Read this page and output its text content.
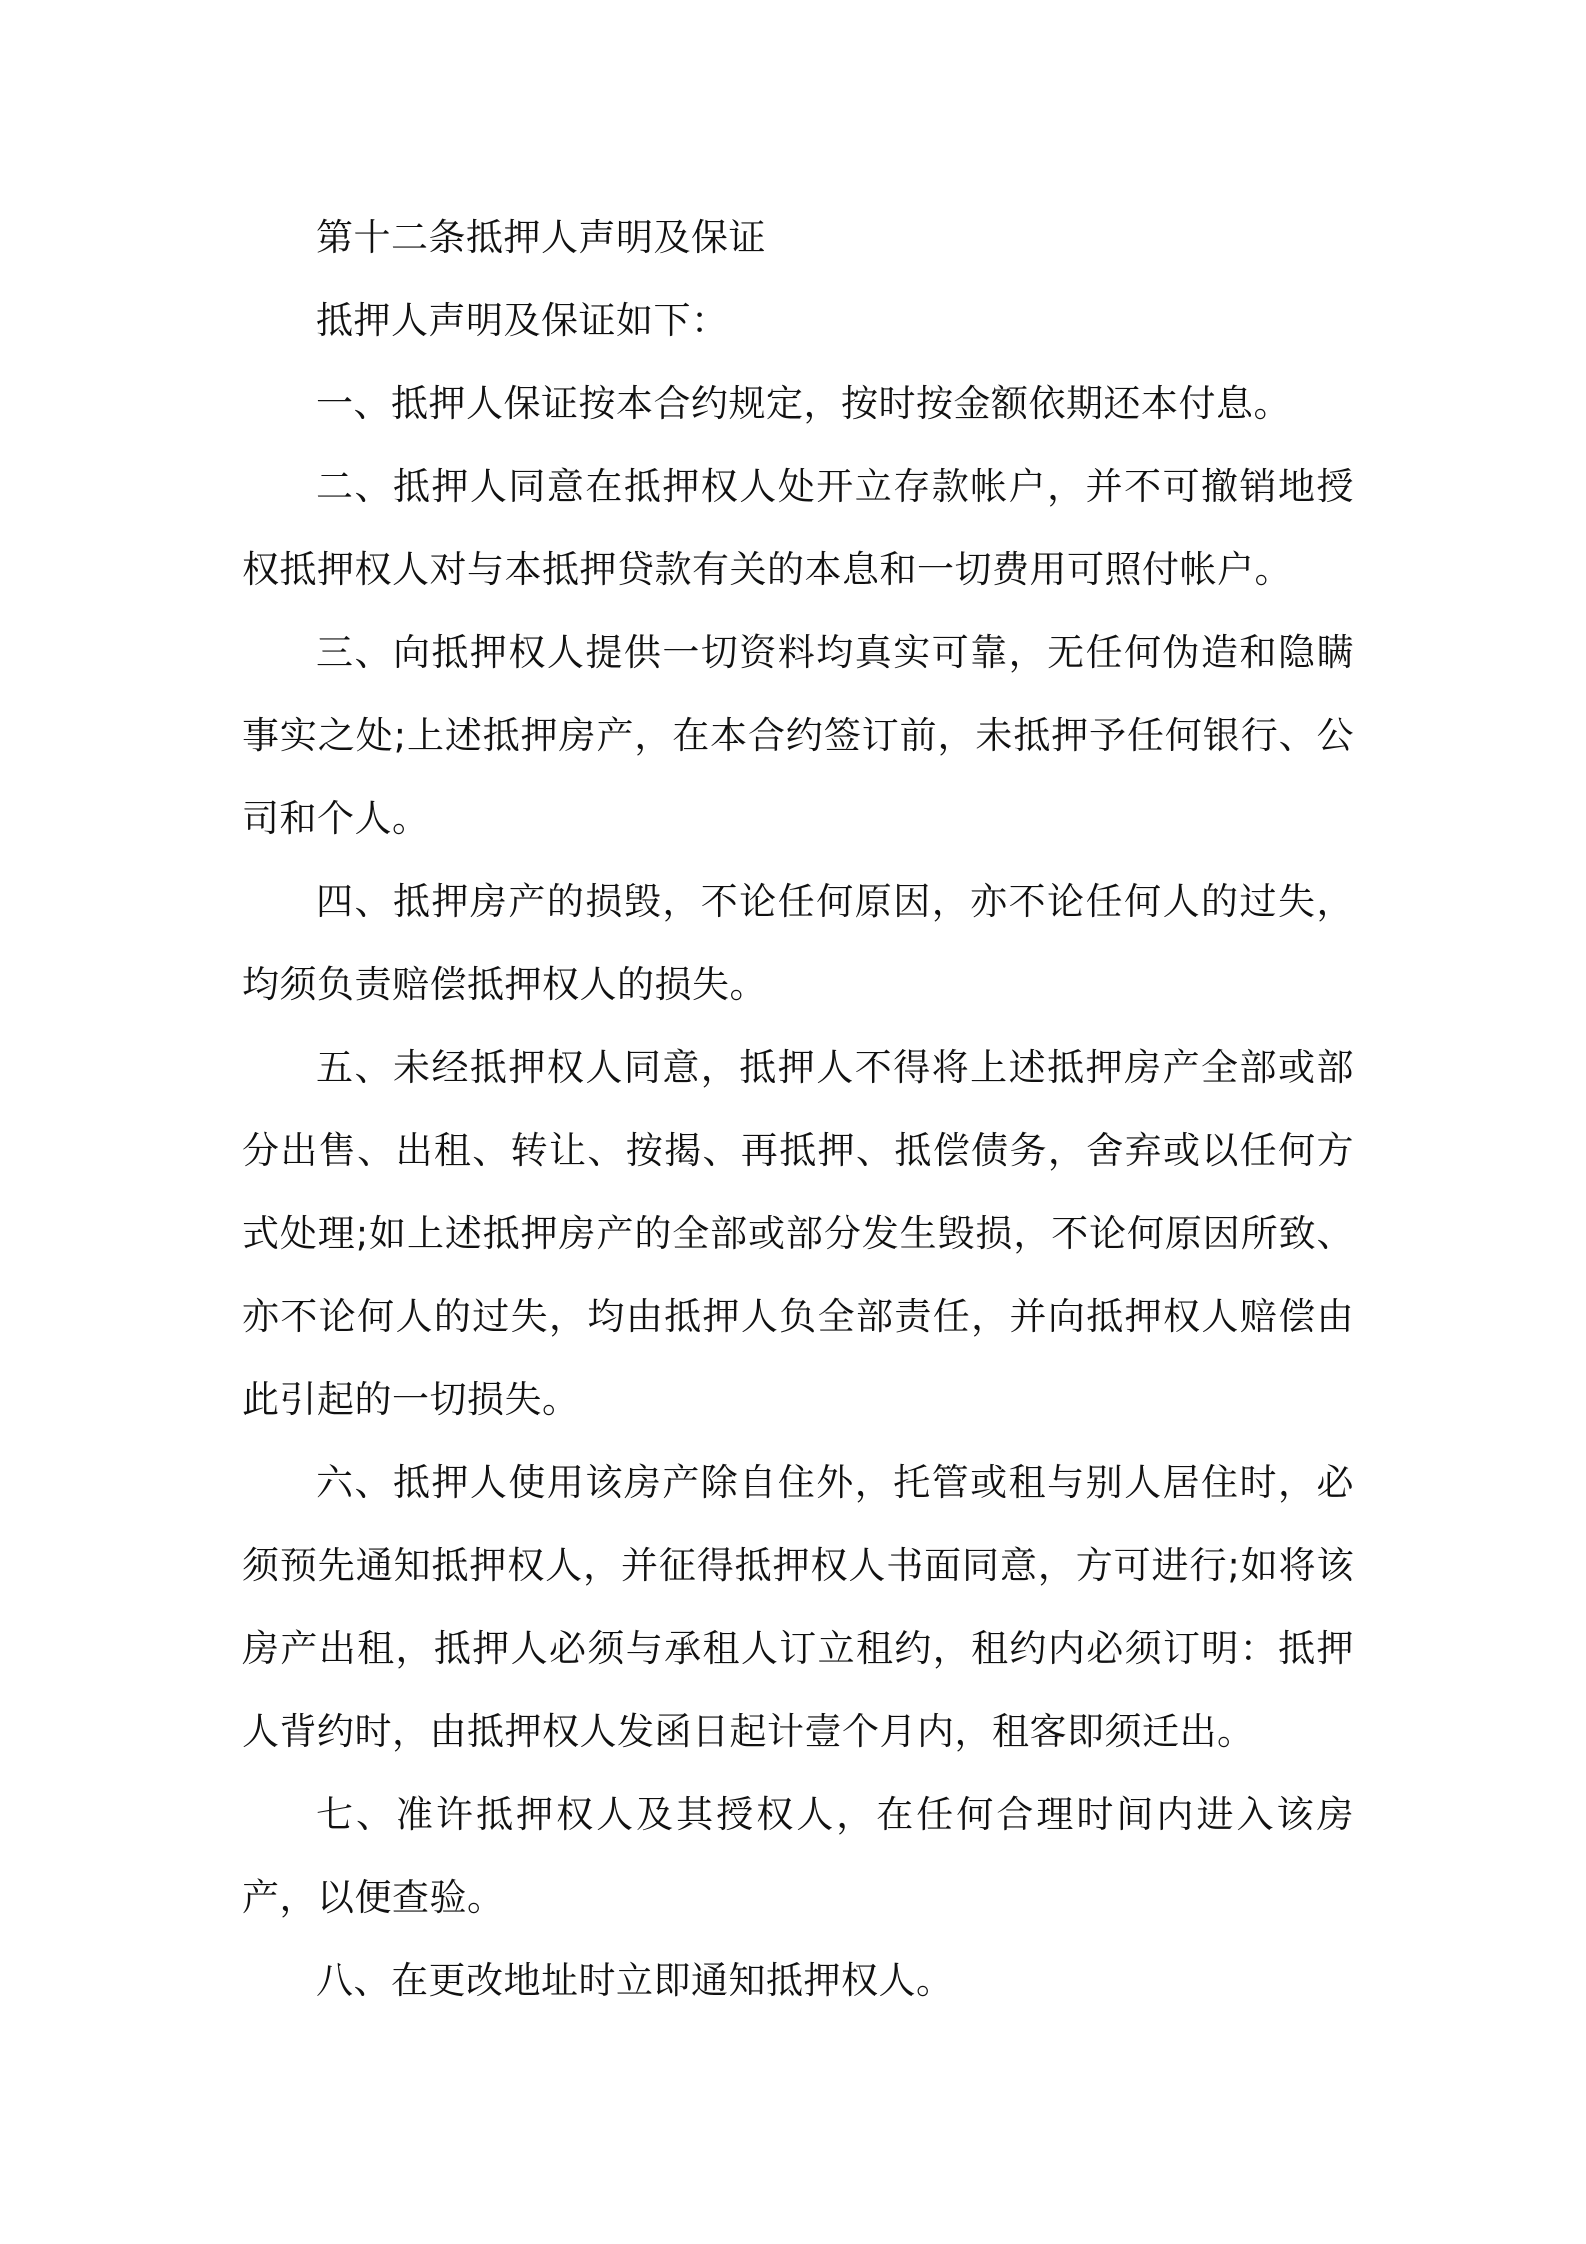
第十二条抵押人声明及保证

抵押人声明及保证如下：

一、抵押人保证按本合约规定，按时按金额依期还本付息。

二、抵押人同意在抵押权人处开立存款帐户，并不可撤销地授权抵押权人对与本抵押贷款有关的本息和一切费用可照付帐户。

三、向抵押权人提供一切资料均真实可靠，无任何伪造和隐瞒事实之处;上述抵押房产，在本合约签订前，未抵押予任何银行、公司和个人。

四、抵押房产的损毁，不论任何原因，亦不论任何人的过失，均须负责赔偿抵押权人的损失。

五、未经抵押权人同意，抵押人不得将上述抵押房产全部或部分出售、出租、转让、按揭、再抵押、抵偿债务，舍弃或以任何方式处理;如上述抵押房产的全部或部分发生毁损，不论何原因所致、亦不论何人的过失，均由抵押人负全部责任，并向抵押权人赔偿由此引起的一切损失。

六、抵押人使用该房产除自住外，托管或租与别人居住时，必须预先通知抵押权人，并征得抵押权人书面同意，方可进行;如将该房产出租，抵押人必须与承租人订立租约，租约内必须订明：抵押人背约时，由抵押权人发函日起计壹个月内，租客即须迁出。

七、准许抵押权人及其授权人，在任何合理时间内进入该房产，以便查验。

八、在更改地址时立即通知抵押权人。
